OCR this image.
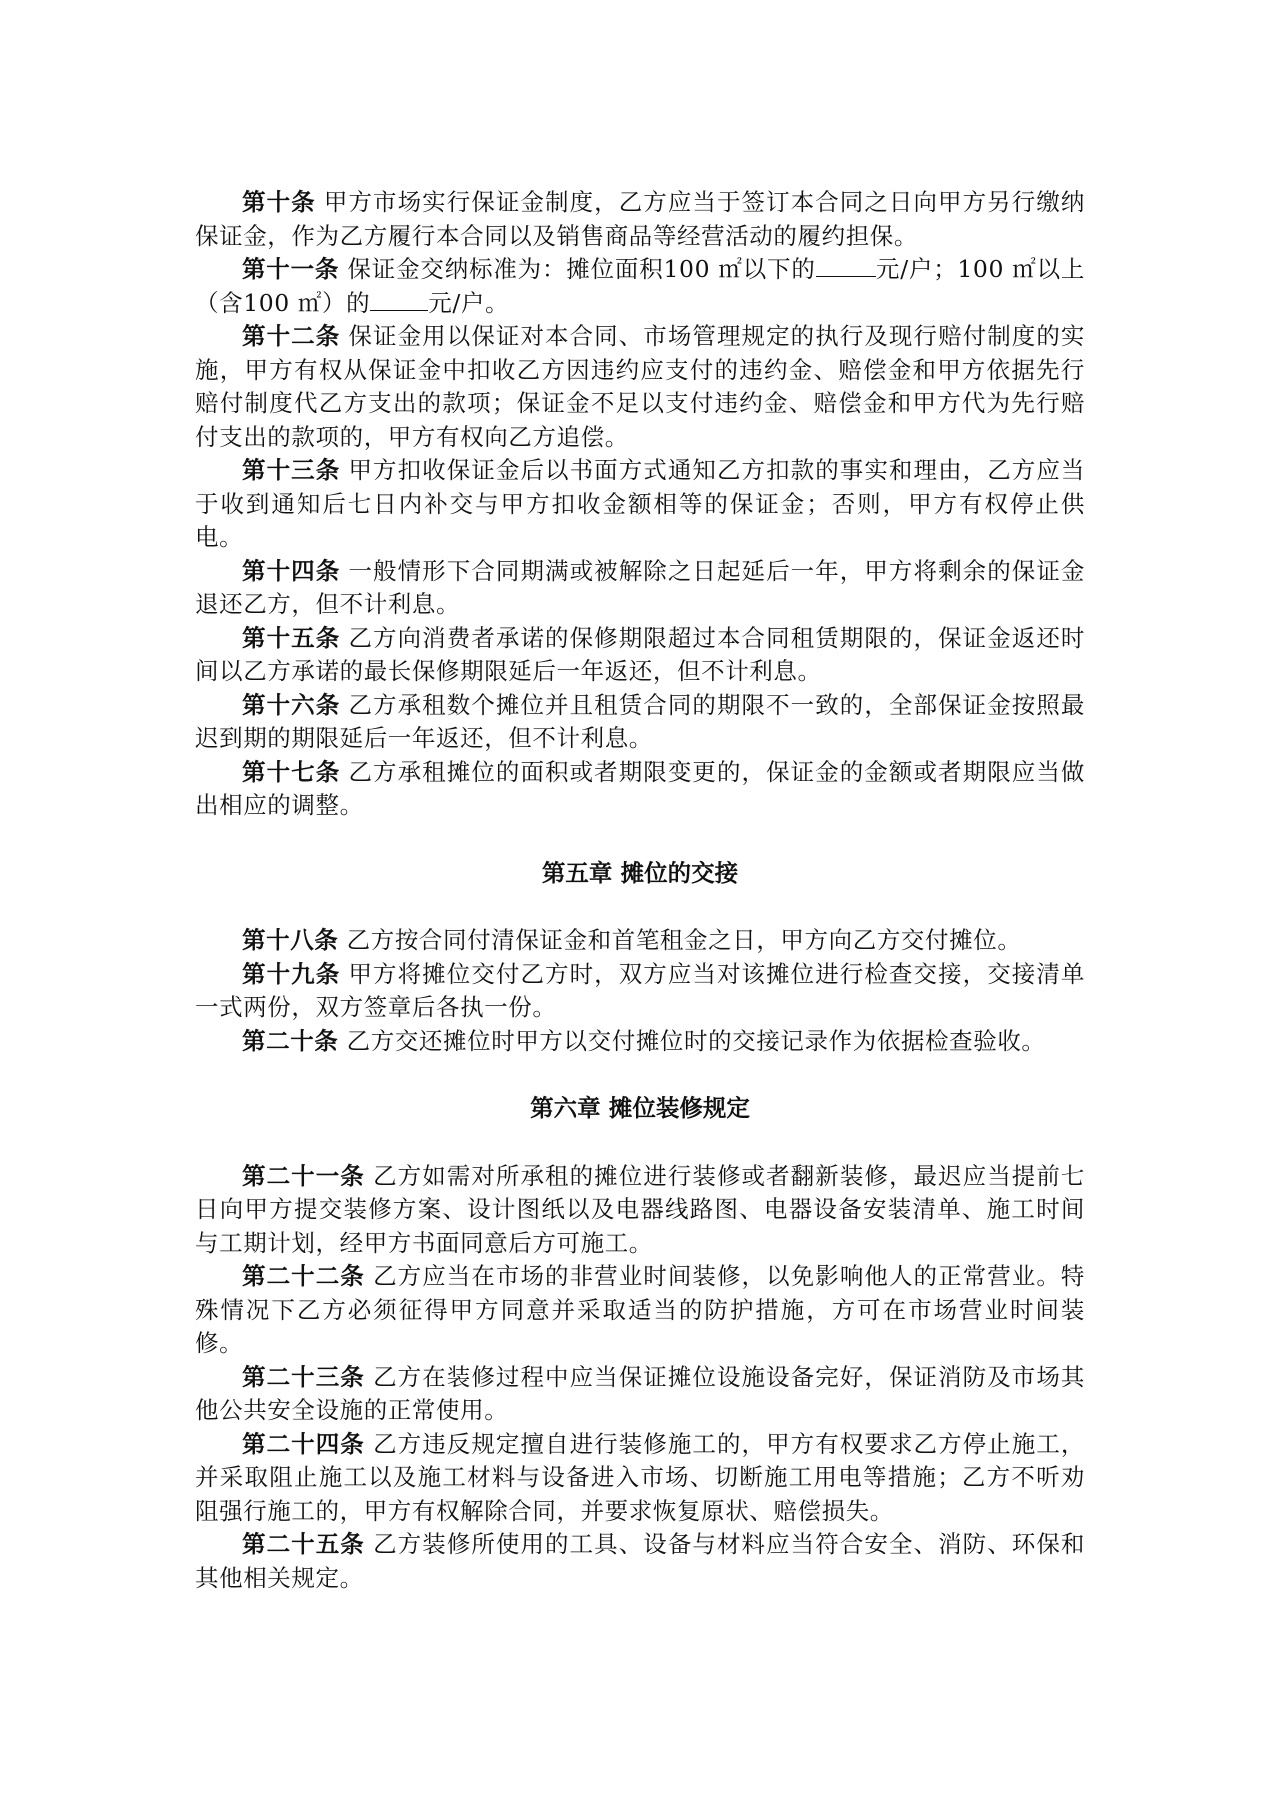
第十条 甲方市场实行保证金制度，乙方应当于签订本合同之日向甲方另行缴纳保证金，作为乙方履行本合同以及销售商品等经营活动的履约担保。

第十一条 保证金交纳标准为：摊位面积100 ㎡以下的	元/户；100 ㎡以上（含100 ㎡）的 元/户。

第十二条 保证金用以保证对本合同、市场管理规定的执行及现行赔付制度的实施，甲方有权从保证金中扣收乙方因违约应支付的违约金、赔偿金和甲方依据先行赔付制度代乙方支出的款项；保证金不足以支付违约金、赔偿金和甲方代为先行赔付支出的款项的，甲方有权向乙方追偿。

第十三条 甲方扣收保证金后以书面方式通知乙方扣款的事实和理由，乙方应当于收到通知后七日内补交与甲方扣收金额相等的保证金；否则，甲方有权停止供电。

第十四条 一般情形下合同期满或被解除之日起延后一年，甲方将剩余的保证金退还乙方，但不计利息。

第十五条 乙方向消费者承诺的保修期限超过本合同租赁期限的，保证金返还时间以乙方承诺的最长保修期限延后一年返还，但不计利息。

第十六条 乙方承租数个摊位并且租赁合同的期限不一致的，全部保证金按照最迟到期的期限延后一年返还，但不计利息。

第十七条 乙方承租摊位的面积或者期限变更的，保证金的金额或者期限应当做出相应的调整。

第五章 摊位的交接

第十八条 乙方按合同付清保证金和首笔租金之日，甲方向乙方交付摊位。

第十九条 甲方将摊位交付乙方时，双方应当对该摊位进行检查交接，交接清单一式两份，双方签章后各执一份。

第二十条 乙方交还摊位时甲方以交付摊位时的交接记录作为依据检查验收。

第六章 摊位装修规定

第二十一条 乙方如需对所承租的摊位进行装修或者翻新装修，最迟应当提前七日向甲方提交装修方案、设计图纸以及电器线路图、电器设备安装清单、施工时间与工期计划，经甲方书面同意后方可施工。

第二十二条 乙方应当在市场的非营业时间装修，以免影响他人的正常营业。特殊情况下乙方必须征得甲方同意并采取适当的防护措施，方可在市场营业时间装修。

第二十三条 乙方在装修过程中应当保证摊位设施设备完好，保证消防及市场其他公共安全设施的正常使用。

第二十四条 乙方违反规定擅自进行装修施工的，甲方有权要求乙方停止施工，并采取阻止施工以及施工材料与设备进入市场、切断施工用电等措施；乙方不听劝阻强行施工的，甲方有权解除合同，并要求恢复原状、赔偿损失。

第二十五条 乙方装修所使用的工具、设备与材料应当符合安全、消防、环保和其他相关规定。
